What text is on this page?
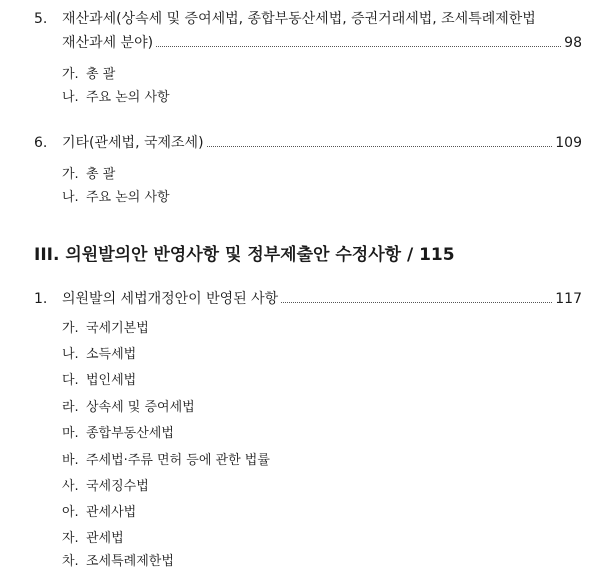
5. 재산과세(상속세 및 증여세법, 종합부동산세법, 증권거래세법, 조세특례제한법
재산과세 분야)	98
가. 총 괄
나. 주요 논의 사항
6. 기타(관세법, 국제조세)	109
가. 총 괄
나. 주요 논의 사항
III. 의원발의안 반영사항 및 정부제출안 수정사항 / 115
1. 의원발의 세법개정안이 반영된 사항	117
가. 국세기본법
나. 소득세법
다. 법인세법
라. 상속세 및 증여세법
마. 종합부동산세법
바. 주세법·주류 면허 등에 관한 법률
사. 국세징수법
아. 관세사법
자. 관세법
차. 조세특례제한법
